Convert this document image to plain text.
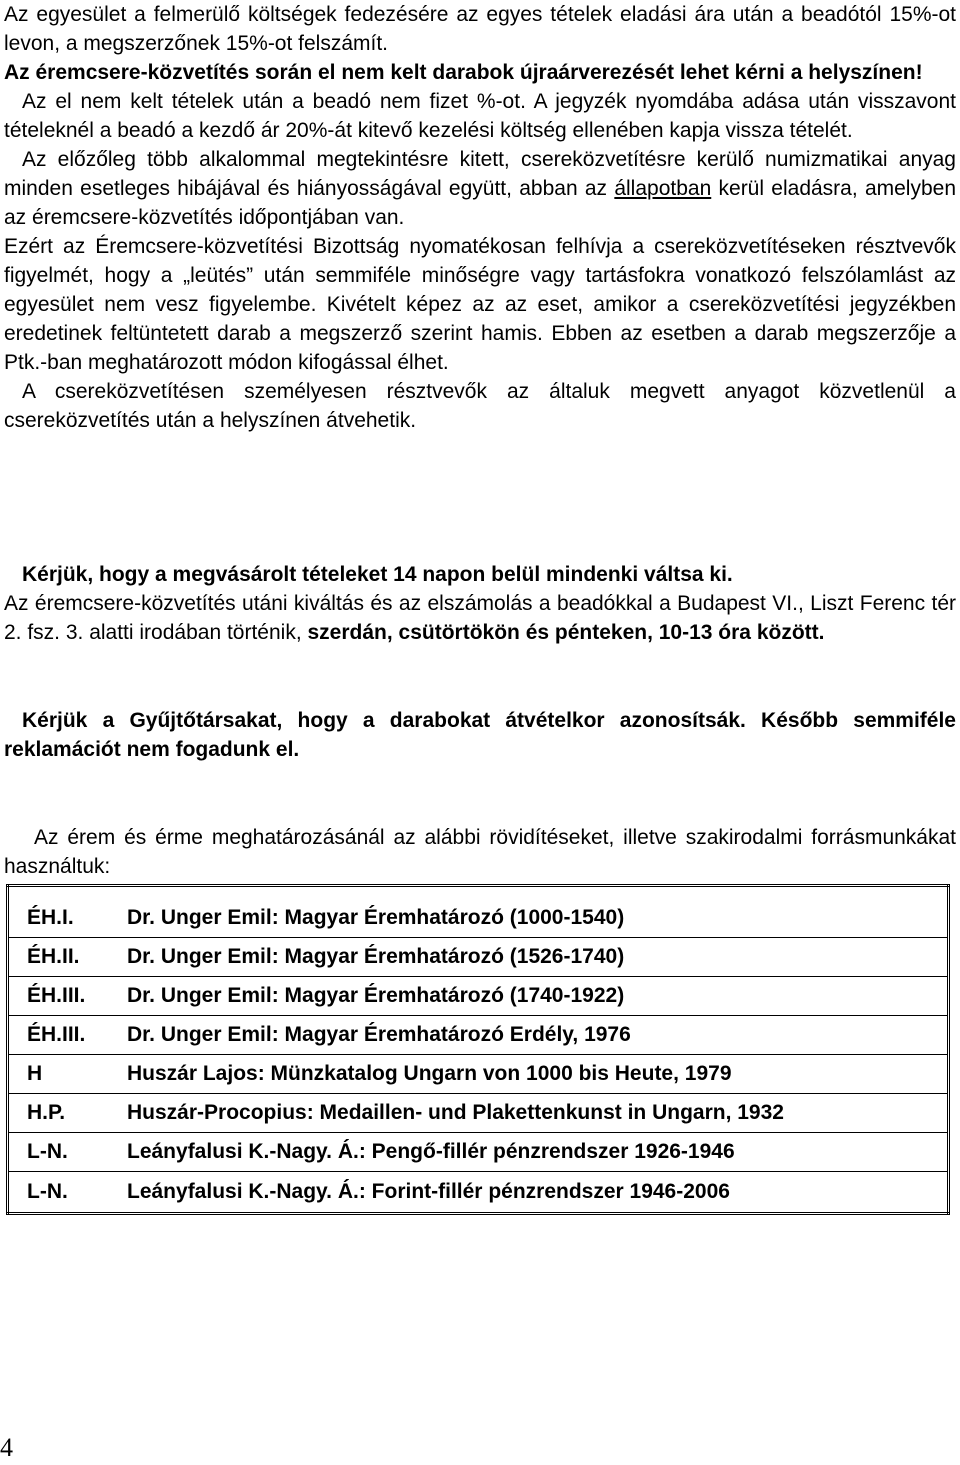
Az egyesület a felmerülő költségek fedezésére az egyes tételek eladási ára után a beadótól 15%-ot levon, a megszerzőnek 15%-ot felszámít.

Az éremcsere-közvetítés során el nem kelt darabok újraárverezését lehet kérni a helyszínen!

Az el nem kelt tételek után a beadó nem fizet %-ot. A jegyzék nyomdába adása után visszavont tételeknél a beadó a kezdő ár 20%-át kitevő kezelési költség ellenében kapja vissza tételét.

Az előzőleg több alkalommal megtekintésre kitett, csereközvetítésre kerülő numizmatikai anyag minden esetleges hibájával és hiányosságával együtt, abban az állapotban kerül eladásra, amelyben az éremcsere-közvetítés időpontjában van.

Ezért az Éremcsere-közvetítési Bizottság nyomatékosan felhívja a csereközvetítéseken résztvevők figyelmét, hogy a „leütés” után semmiféle minőségre vagy tartásfokra vonatkozó felszólamlást az egyesület nem vesz figyelembe. Kivételt képez az az eset, amikor a csereközvetítési jegyzékben eredetinek feltüntetett darab a megszerző szerint hamis. Ebben az esetben a darab megszerzője a Ptk.-ban meghatározott módon kifogással élhet.

A csereközvetítésen személyesen résztvevők az általuk megvett anyagot közvetlenül a csereközvetítés után a helyszínen átvehetik.

Kérjük, hogy a megvásárolt tételeket 14 napon belül mindenki váltsa ki.

Az éremcsere-közvetítés utáni kiváltás és az elszámolás a beadókkal a Budapest VI., Liszt Ferenc tér 2. fsz. 3. alatti irodában történik, szerdán, csütörtökön és pénteken, 10-13 óra között.

Kérjük a Gyűjtőtársakat, hogy a darabokat átvételkor azonosítsák. Később semmiféle reklamációt nem fogadunk el.

Az érem és érme meghatározásánál az alábbi rövidítéseket, illetve szakirodalmi forrásmunkákat használtuk:

ÉH.I.	Dr. Unger Emil: Magyar Éremhatározó (1000-1540)
ÉH.II.	Dr. Unger Emil: Magyar Éremhatározó (1526-1740)
ÉH.III.	Dr. Unger Emil: Magyar Éremhatározó (1740-1922)
ÉH.III.	Dr. Unger Emil: Magyar Éremhatározó Erdély, 1976
H	Huszár Lajos: Münzkatalog Ungarn von 1000 bis Heute, 1979
H.P.	Huszár-Procopius: Medaillen- und Plakettenkunst in Ungarn, 1932
L-N.	Leányfalusi K.-Nagy. Á.: Pengő-fillér pénzrendszer 1926-1946
L-N.	Leányfalusi K.-Nagy. Á.: Forint-fillér pénzrendszer 1946-2006
4
